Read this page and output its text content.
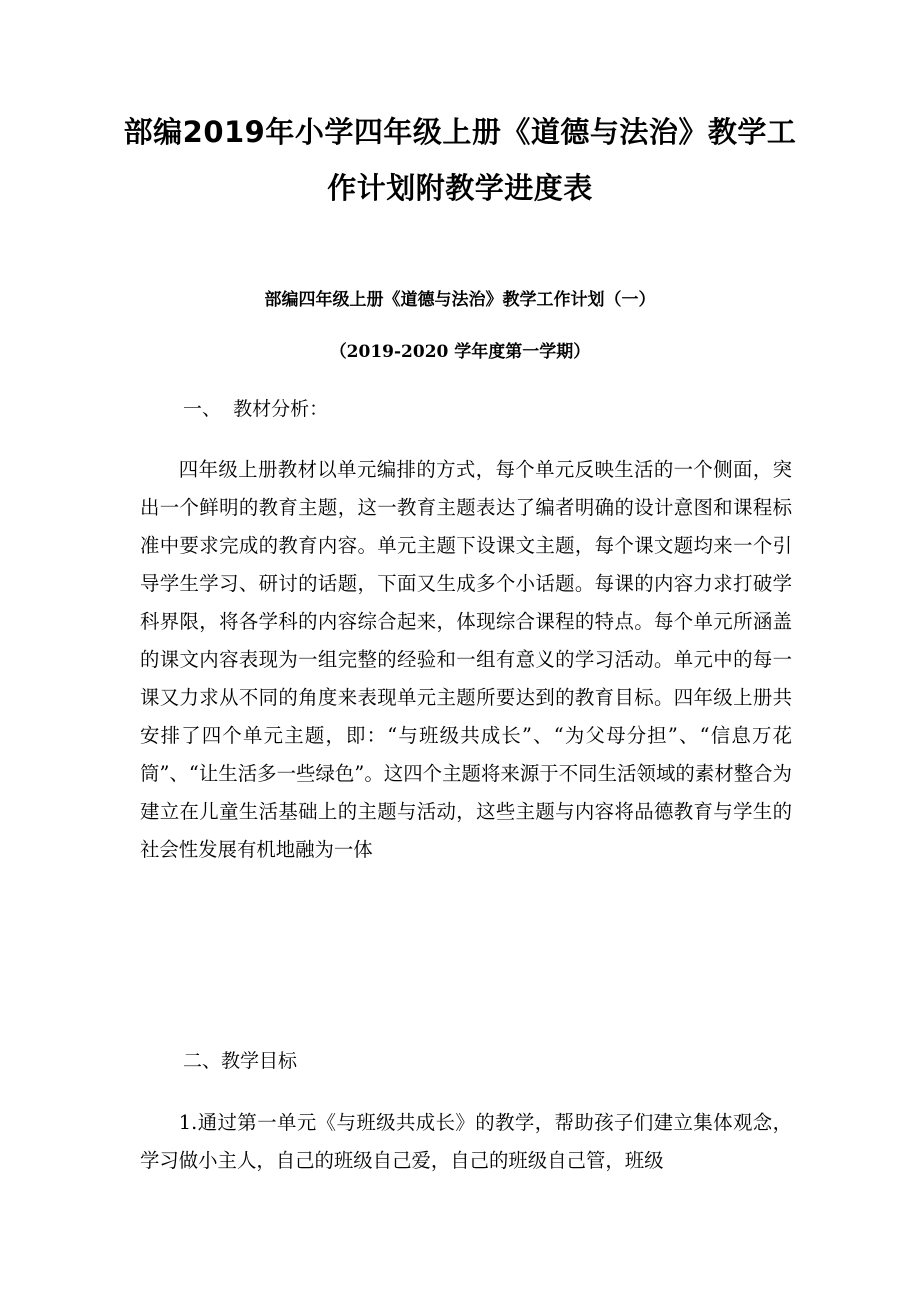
部编2019年小学四年级上册《道德与法治》教学工
作计划附教学进度表
部编四年级上册《道德与法治》教学工作计划（一）
（2019-2020 学年度第一学期）
一、  教材分析：

四年级上册教材以单元编排的方式，每个单元反映生活的一个侧面，突出一个鲜明的教育主题，这一教育主题表达了编者明确的设计意图和课程标准中要求完成的教育内容。单元主题下设课文主题，每个课文题均来一个引导学生学习、研讨的话题，下面又生成多个小话题。每课的内容力求打破学科界限，将各学科的内容综合起来，体现综合课程的特点。每个单元所涵盖的课文内容表现为一组完整的经验和一组有意义的学习活动。单元中的每一课又力求从不同的角度来表现单元主题所要达到的教育目标。四年级上册共安排了四个单元主题，即：“与班级共成长”、“为父母分担”、“信息万花筒”、“让生活多一些绿色”。这四个主题将来源于不同生活领域的素材整合为建立在儿童生活基础上的主题与活动，这些主题与内容将品德教育与学生的社会性发展有机地融为一体

二、教学目标

1.通过第一单元《与班级共成长》的教学，帮助孩子们建立集体观念，学习做小主人，自己的班级自己爱，自己的班级自己管，班级
